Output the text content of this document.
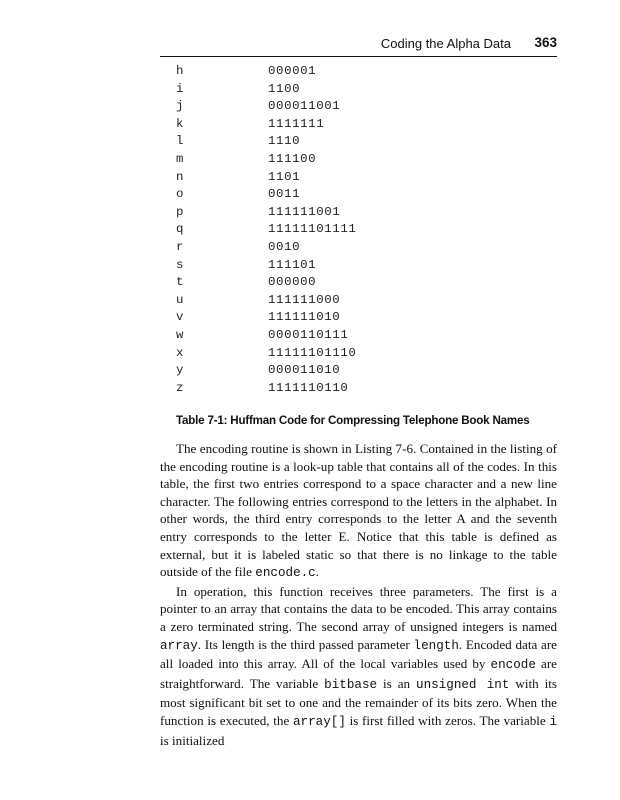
Coding the Alpha Data 363
h	000001
i	1100
j	000011001
k	1111111
l	1110
m	111100
n	1101
o	0011
p	111111001
q	11111101111
r	0010
s	111101
t	000000
u	111111000
v	111111010
w	0000110111
x	11111101110
y	000011010
z	1111110110
Table 7-1: Huffman Code for Compressing Telephone Book Names

The encoding routine is shown in Listing 7-6. Contained in the listing of the encoding routine is a look-up table that contains all of the codes. In this table, the first two entries correspond to a space character and a new line character. The following entries correspond to the letters in the alphabet. In other words, the third entry corresponds to the letter A and the seventh entry corresponds to the letter E. Notice that this table is defined as external, but it is labeled static so that there is no linkage to the table outside of the file encode.c.

In operation, this function receives three parameters. The first is a pointer to an array that contains the data to be encoded. This array contains a zero terminated string. The second array of unsigned integers is named array. Its length is the third passed parameter length. Encoded data are all loaded into this array. All of the local variables used by encode are straightforward. The variable bitbase is an unsigned int with its most significant bit set to one and the remainder of its bits zero. When the function is executed, the array[] is first filled with zeros. The variable i is initialized
